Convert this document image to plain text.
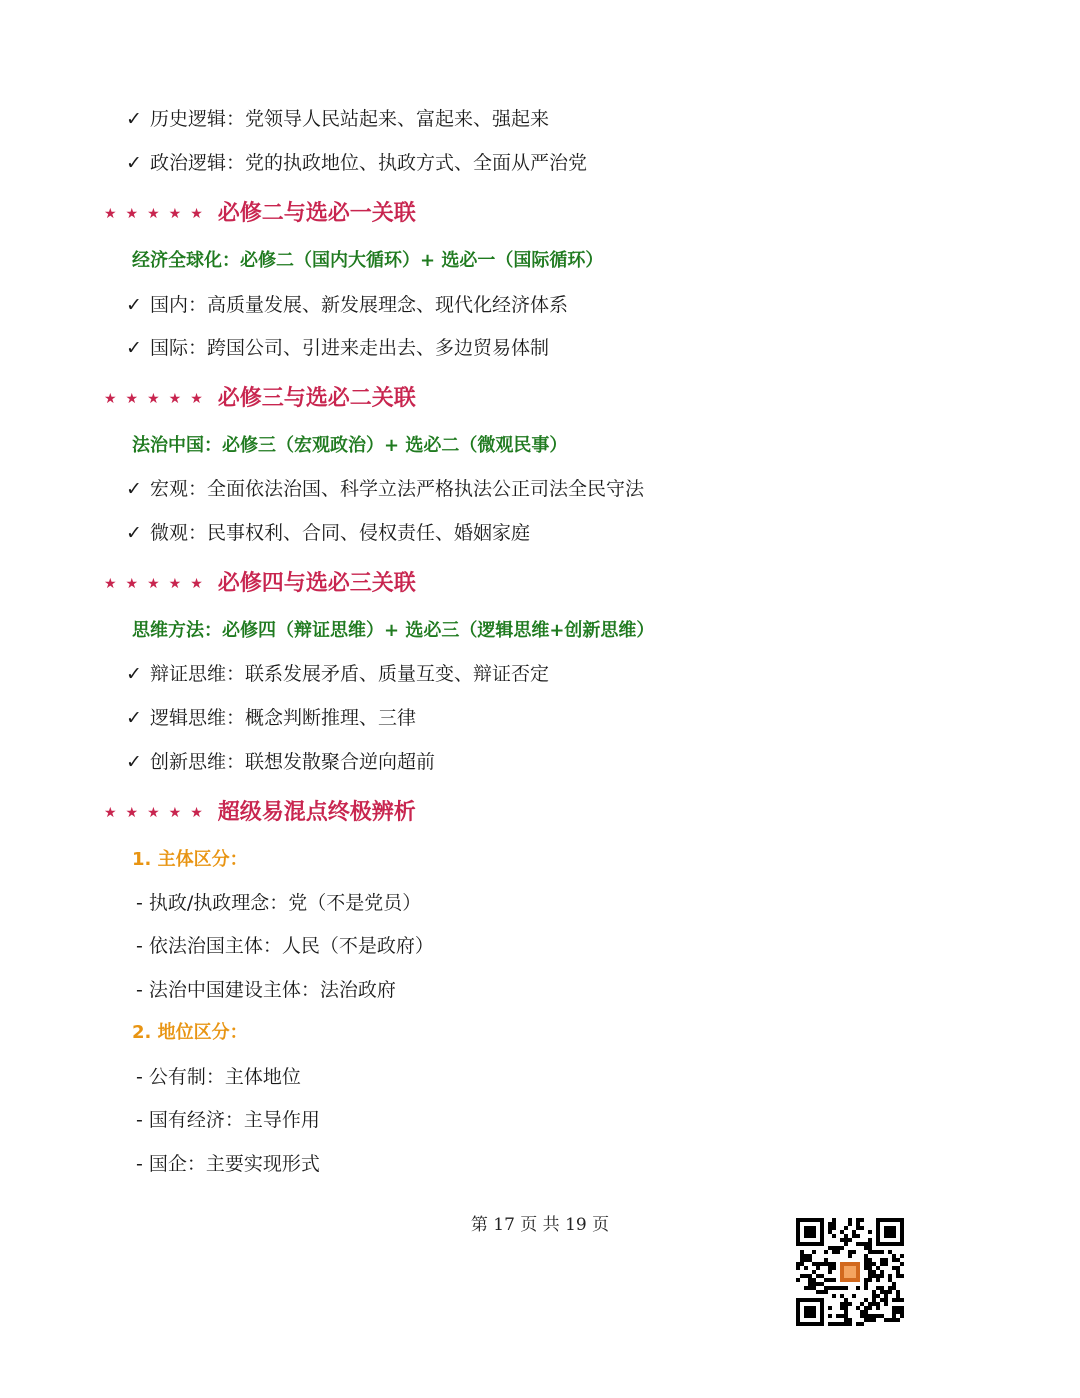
✓ 历史逻辑：党领导人民站起来、富起来、强起来
✓ 政治逻辑：党的执政地位、执政方式、全面从严治党
★★★★★ 必修二与选必一关联
经济全球化：必修二（国内大循环）+ 选必一（国际循环）
✓ 国内：高质量发展、新发展理念、现代化经济体系
✓ 国际：跨国公司、引进来走出去、多边贸易体制
★★★★★ 必修三与选必二关联
法治中国：必修三（宏观政治）+ 选必二（微观民事）
✓ 宏观：全面依法治国、科学立法严格执法公正司法全民守法
✓ 微观：民事权利、合同、侵权责任、婚姻家庭
★★★★★ 必修四与选必三关联
思维方法：必修四（辩证思维）+ 选必三（逻辑思维+创新思维）
✓ 辩证思维：联系发展矛盾、质量互变、辩证否定
✓ 逻辑思维：概念判断推理、三律
✓ 创新思维：联想发散聚合逆向超前
★★★★★ 超级易混点终极辨析
1. 主体区分：
- 执政/执政理念：党（不是党员）
- 依法治国主体：人民（不是政府）
- 法治中国建设主体：法治政府
2. 地位区分：
- 公有制：主体地位
- 国有经济：主导作用
- 国企：主要实现形式
第 17 页 共 19 页
